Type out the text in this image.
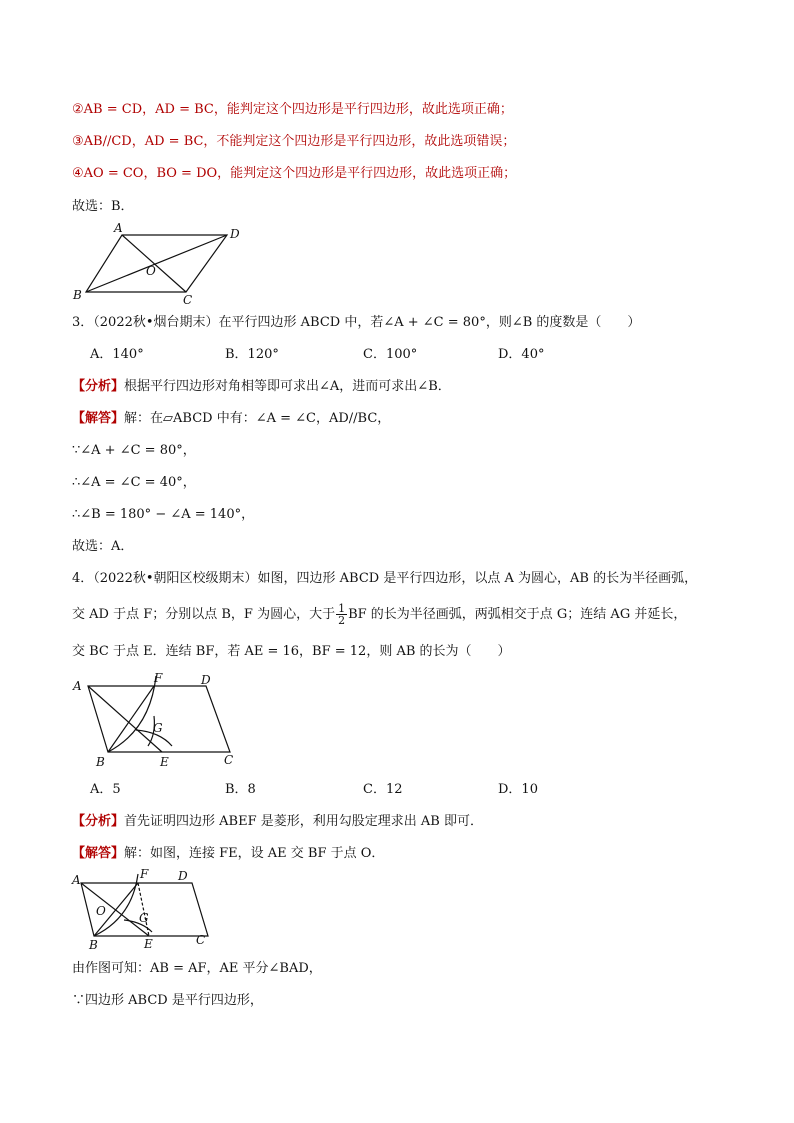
②AB = CD，AD = BC，能判定这个四边形是平行四边形，故此选项正确；
③AB//CD，AD = BC，不能判定这个四边形是平行四边形，故此选项错误；
④AO = CO，BO = DO，能判定这个四边形是平行四边形，故此选项正确；
故选：B．
A	D
O
B	C
3．（2022秋•烟台期末）在平行四边形 ABCD 中，若∠A + ∠C = 80°，则∠B 的度数是（　　）
A．140°	B．120°	C．100°	D．40°
【分析】根据平行四边形对角相等即可求出∠A，进而可求出∠B．
【解答】解：在▱ABCD 中有：∠A = ∠C，AD//BC，
∵∠A + ∠C = 80°，
∴∠A = ∠C = 40°，
∴∠B = 180° − ∠A = 140°，
故选：A．
4．（2022秋•朝阳区校级期末）如图，四边形 ABCD 是平行四边形，以点 A 为圆心，AB 的长为半径画弧，
交 AD 于点 F；分别以点 B，F 为圆心，大于 $\frac{1}{2}$ BF 的长为半径画弧，两弧相交于点 G；连结 AG 并延长，
交 BC 于点 E．连结 BF，若 AE = 16，BF = 12，则 AB 的长为（　　）
A
F	D
G
B	E	C
A．5	B．8	C．12	D．10
【分析】首先证明四边形 ABEF 是菱形，利用勾股定理求出 AB 即可．
【解答】解：如图，连接 FE，设 AE 交 BF 于点 O．
A	F D
O	G
B	E	C
由作图可知：AB = AF，AE 平分∠BAD，
∵四边形 ABCD 是平行四边形，
